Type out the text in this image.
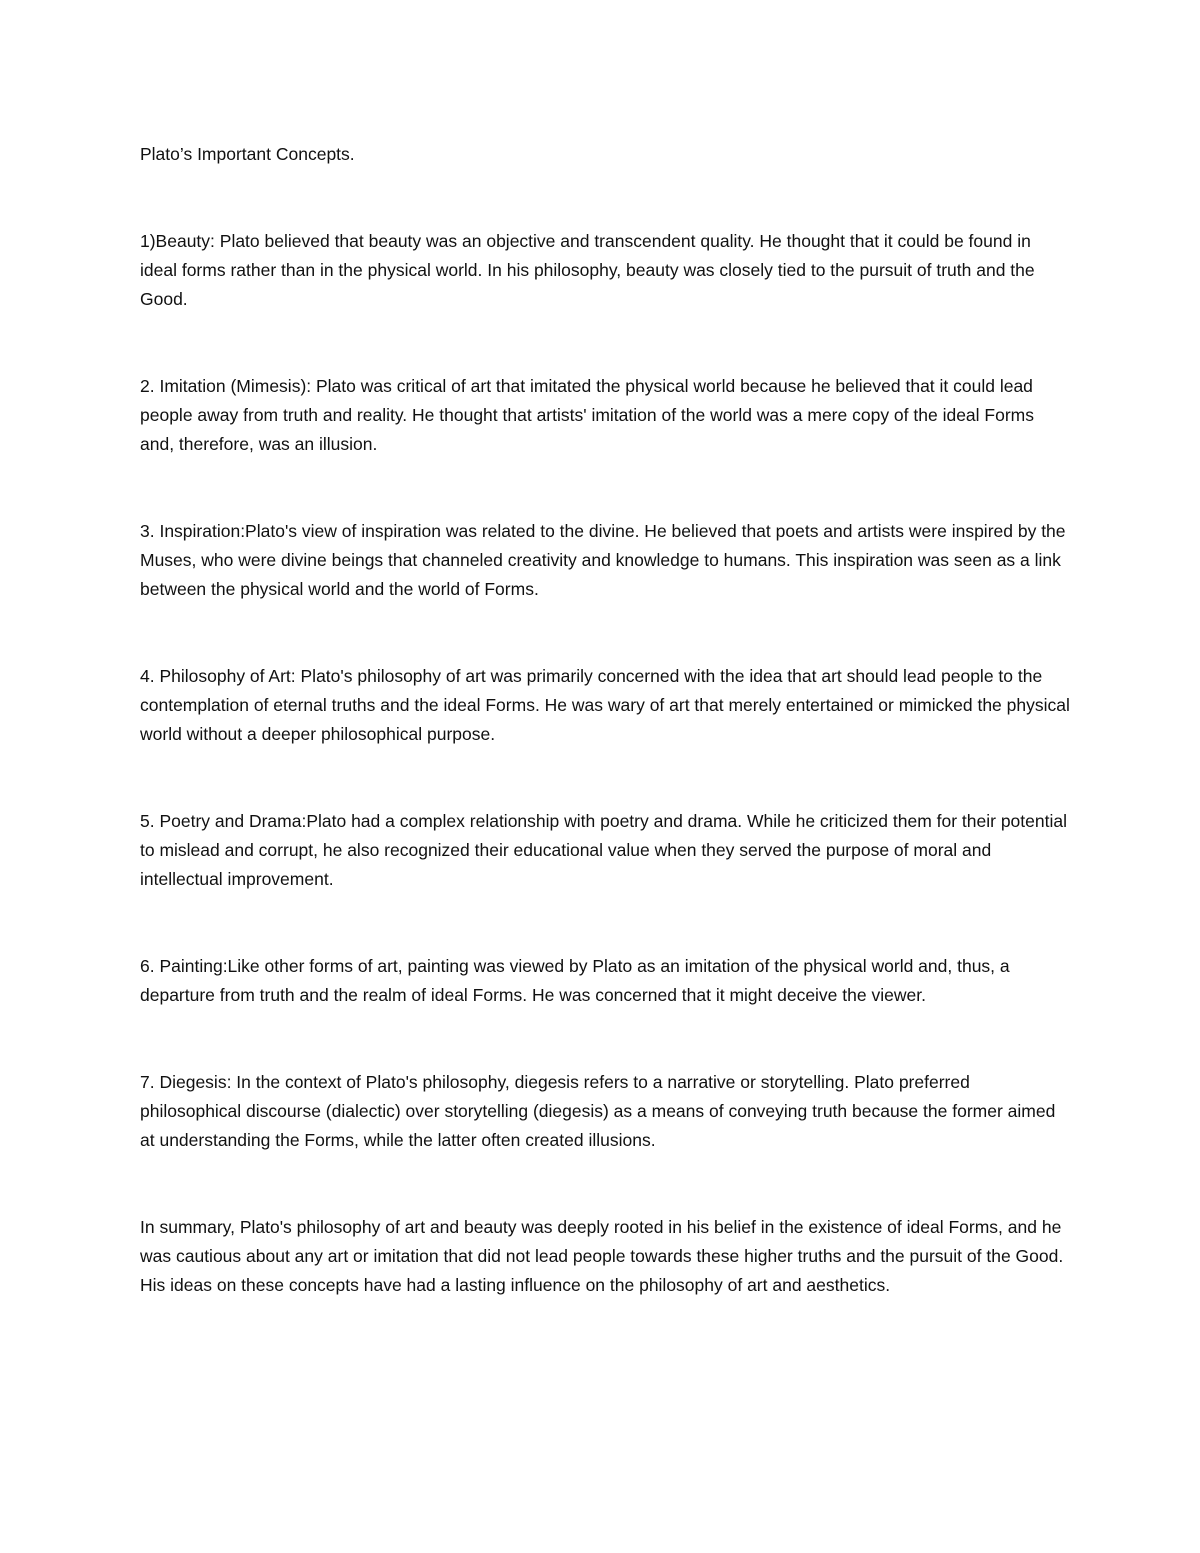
Plato’s Important Concepts.

1)Beauty: Plato believed that beauty was an objective and transcendent quality. He thought that it could be found in ideal forms rather than in the physical world. In his philosophy, beauty was closely tied to the pursuit of truth and the Good.

2. Imitation (Mimesis): Plato was critical of art that imitated the physical world because he believed that it could lead people away from truth and reality. He thought that artists' imitation of the world was a mere copy of the ideal Forms and, therefore, was an illusion.

3. Inspiration:Plato's view of inspiration was related to the divine. He believed that poets and artists were inspired by the Muses, who were divine beings that channeled creativity and knowledge to humans. This inspiration was seen as a link between the physical world and the world of Forms.

4. Philosophy of Art: Plato's philosophy of art was primarily concerned with the idea that art should lead people to the contemplation of eternal truths and the ideal Forms. He was wary of art that merely entertained or mimicked the physical world without a deeper philosophical purpose.

5. Poetry and Drama:Plato had a complex relationship with poetry and drama. While he criticized them for their potential to mislead and corrupt, he also recognized their educational value when they served the purpose of moral and intellectual improvement.

6. Painting:Like other forms of art, painting was viewed by Plato as an imitation of the physical world and, thus, a departure from truth and the realm of ideal Forms. He was concerned that it might deceive the viewer.

7. Diegesis: In the context of Plato's philosophy, diegesis refers to a narrative or storytelling. Plato preferred philosophical discourse (dialectic) over storytelling (diegesis) as a means of conveying truth because the former aimed at understanding the Forms, while the latter often created illusions.

In summary, Plato's philosophy of art and beauty was deeply rooted in his belief in the existence of ideal Forms, and he was cautious about any art or imitation that did not lead people towards these higher truths and the pursuit of the Good. His ideas on these concepts have had a lasting influence on the philosophy of art and aesthetics.
